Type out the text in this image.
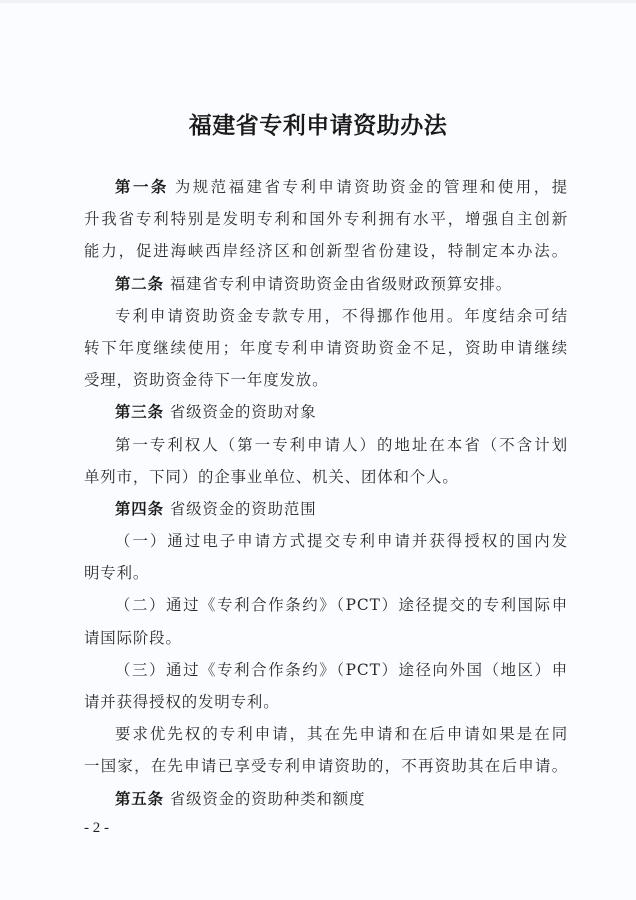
福建省专利申请资助办法
第一条 为规范福建省专利申请资助资金的管理和使用，提
升我省专利特别是发明专利和国外专利拥有水平，增强自主创新
能力，促进海峡西岸经济区和创新型省份建设，特制定本办法。
第二条 福建省专利申请资助资金由省级财政预算安排。
专利申请资助资金专款专用，不得挪作他用。年度结余可结
转下年度继续使用；年度专利申请资助资金不足，资助申请继续
受理，资助资金待下一年度发放。
第三条 省级资金的资助对象
第一专利权人（第一专利申请人）的地址在本省（不含计划
单列市，下同）的企事业单位、机关、团体和个人。
第四条 省级资金的资助范围
（一）通过电子申请方式提交专利申请并获得授权的国内发
明专利。
（二）通过《专利合作条约》（PCT）途径提交的专利国际申
请国际阶段。
（三）通过《专利合作条约》（PCT）途径向外国（地区）申
请并获得授权的发明专利。
要求优先权的专利申请，其在先申请和在后申请如果是在同
一国家，在先申请已享受专利申请资助的，不再资助其在后申请。
第五条 省级资金的资助种类和额度
- 2 -
